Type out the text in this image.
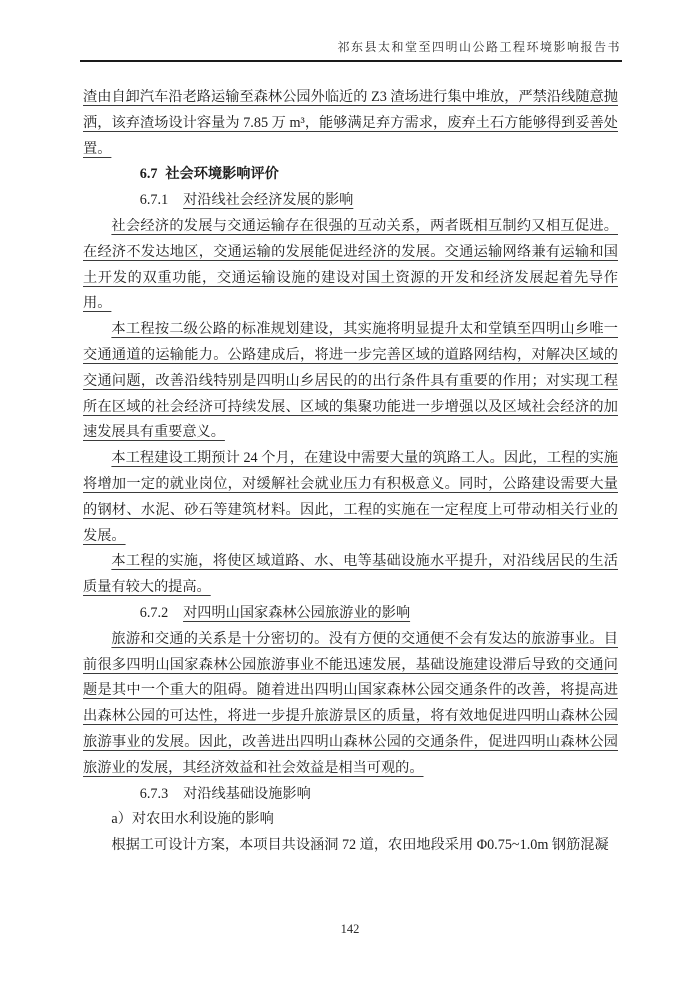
祁东县太和堂至四明山公路工程环境影响报告书

渣由自卸汽车沿老路运输至森林公园外临近的 Z3 渣场进行集中堆放，严禁沿线随意抛洒，该弃渣场设计容量为 7.85 万 m³，能够满足弃方需求，废弃土石方能够得到妥善处置。

6.7 社会环境影响评价

6.7.1 对沿线社会经济发展的影响

社会经济的发展与交通运输存在很强的互动关系，两者既相互制约又相互促进。在经济不发达地区，交通运输的发展能促进经济的发展。交通运输网络兼有运输和国土开发的双重功能，交通运输设施的建设对国土资源的开发和经济发展起着先导作用。

本工程按二级公路的标准规划建设，其实施将明显提升太和堂镇至四明山乡唯一交通通道的运输能力。公路建成后，将进一步完善区域的道路网结构，对解决区域的交通问题，改善沿线特别是四明山乡居民的的出行条件具有重要的作用；对实现工程所在区域的社会经济可持续发展、区域的集聚功能进一步增强以及区域社会经济的加速发展具有重要意义。

本工程建设工期预计 24 个月，在建设中需要大量的筑路工人。因此，工程的实施将增加一定的就业岗位，对缓解社会就业压力有积极意义。同时，公路建设需要大量的钢材、水泥、砂石等建筑材料。因此，工程的实施在一定程度上可带动相关行业的发展。

本工程的实施，将使区域道路、水、电等基础设施水平提升，对沿线居民的生活质量有较大的提高。

6.7.2 对四明山国家森林公园旅游业的影响

旅游和交通的关系是十分密切的。没有方便的交通便不会有发达的旅游事业。目前很多四明山国家森林公园旅游事业不能迅速发展，基础设施建设滞后导致的交通问题是其中一个重大的阻碍。随着进出四明山国家森林公园交通条件的改善，将提高进出森林公园的可达性，将进一步提升旅游景区的质量，将有效地促进四明山森林公园旅游事业的发展。因此，改善进出四明山森林公园的交通条件，促进四明山森林公园旅游业的发展，其经济效益和社会效益是相当可观的。

6.7.3 对沿线基础设施影响

a）对农田水利设施的影响

根据工可设计方案，本项目共设涵洞 72 道，农田地段采用 Φ0.75~1.0m 钢筋混凝

142
